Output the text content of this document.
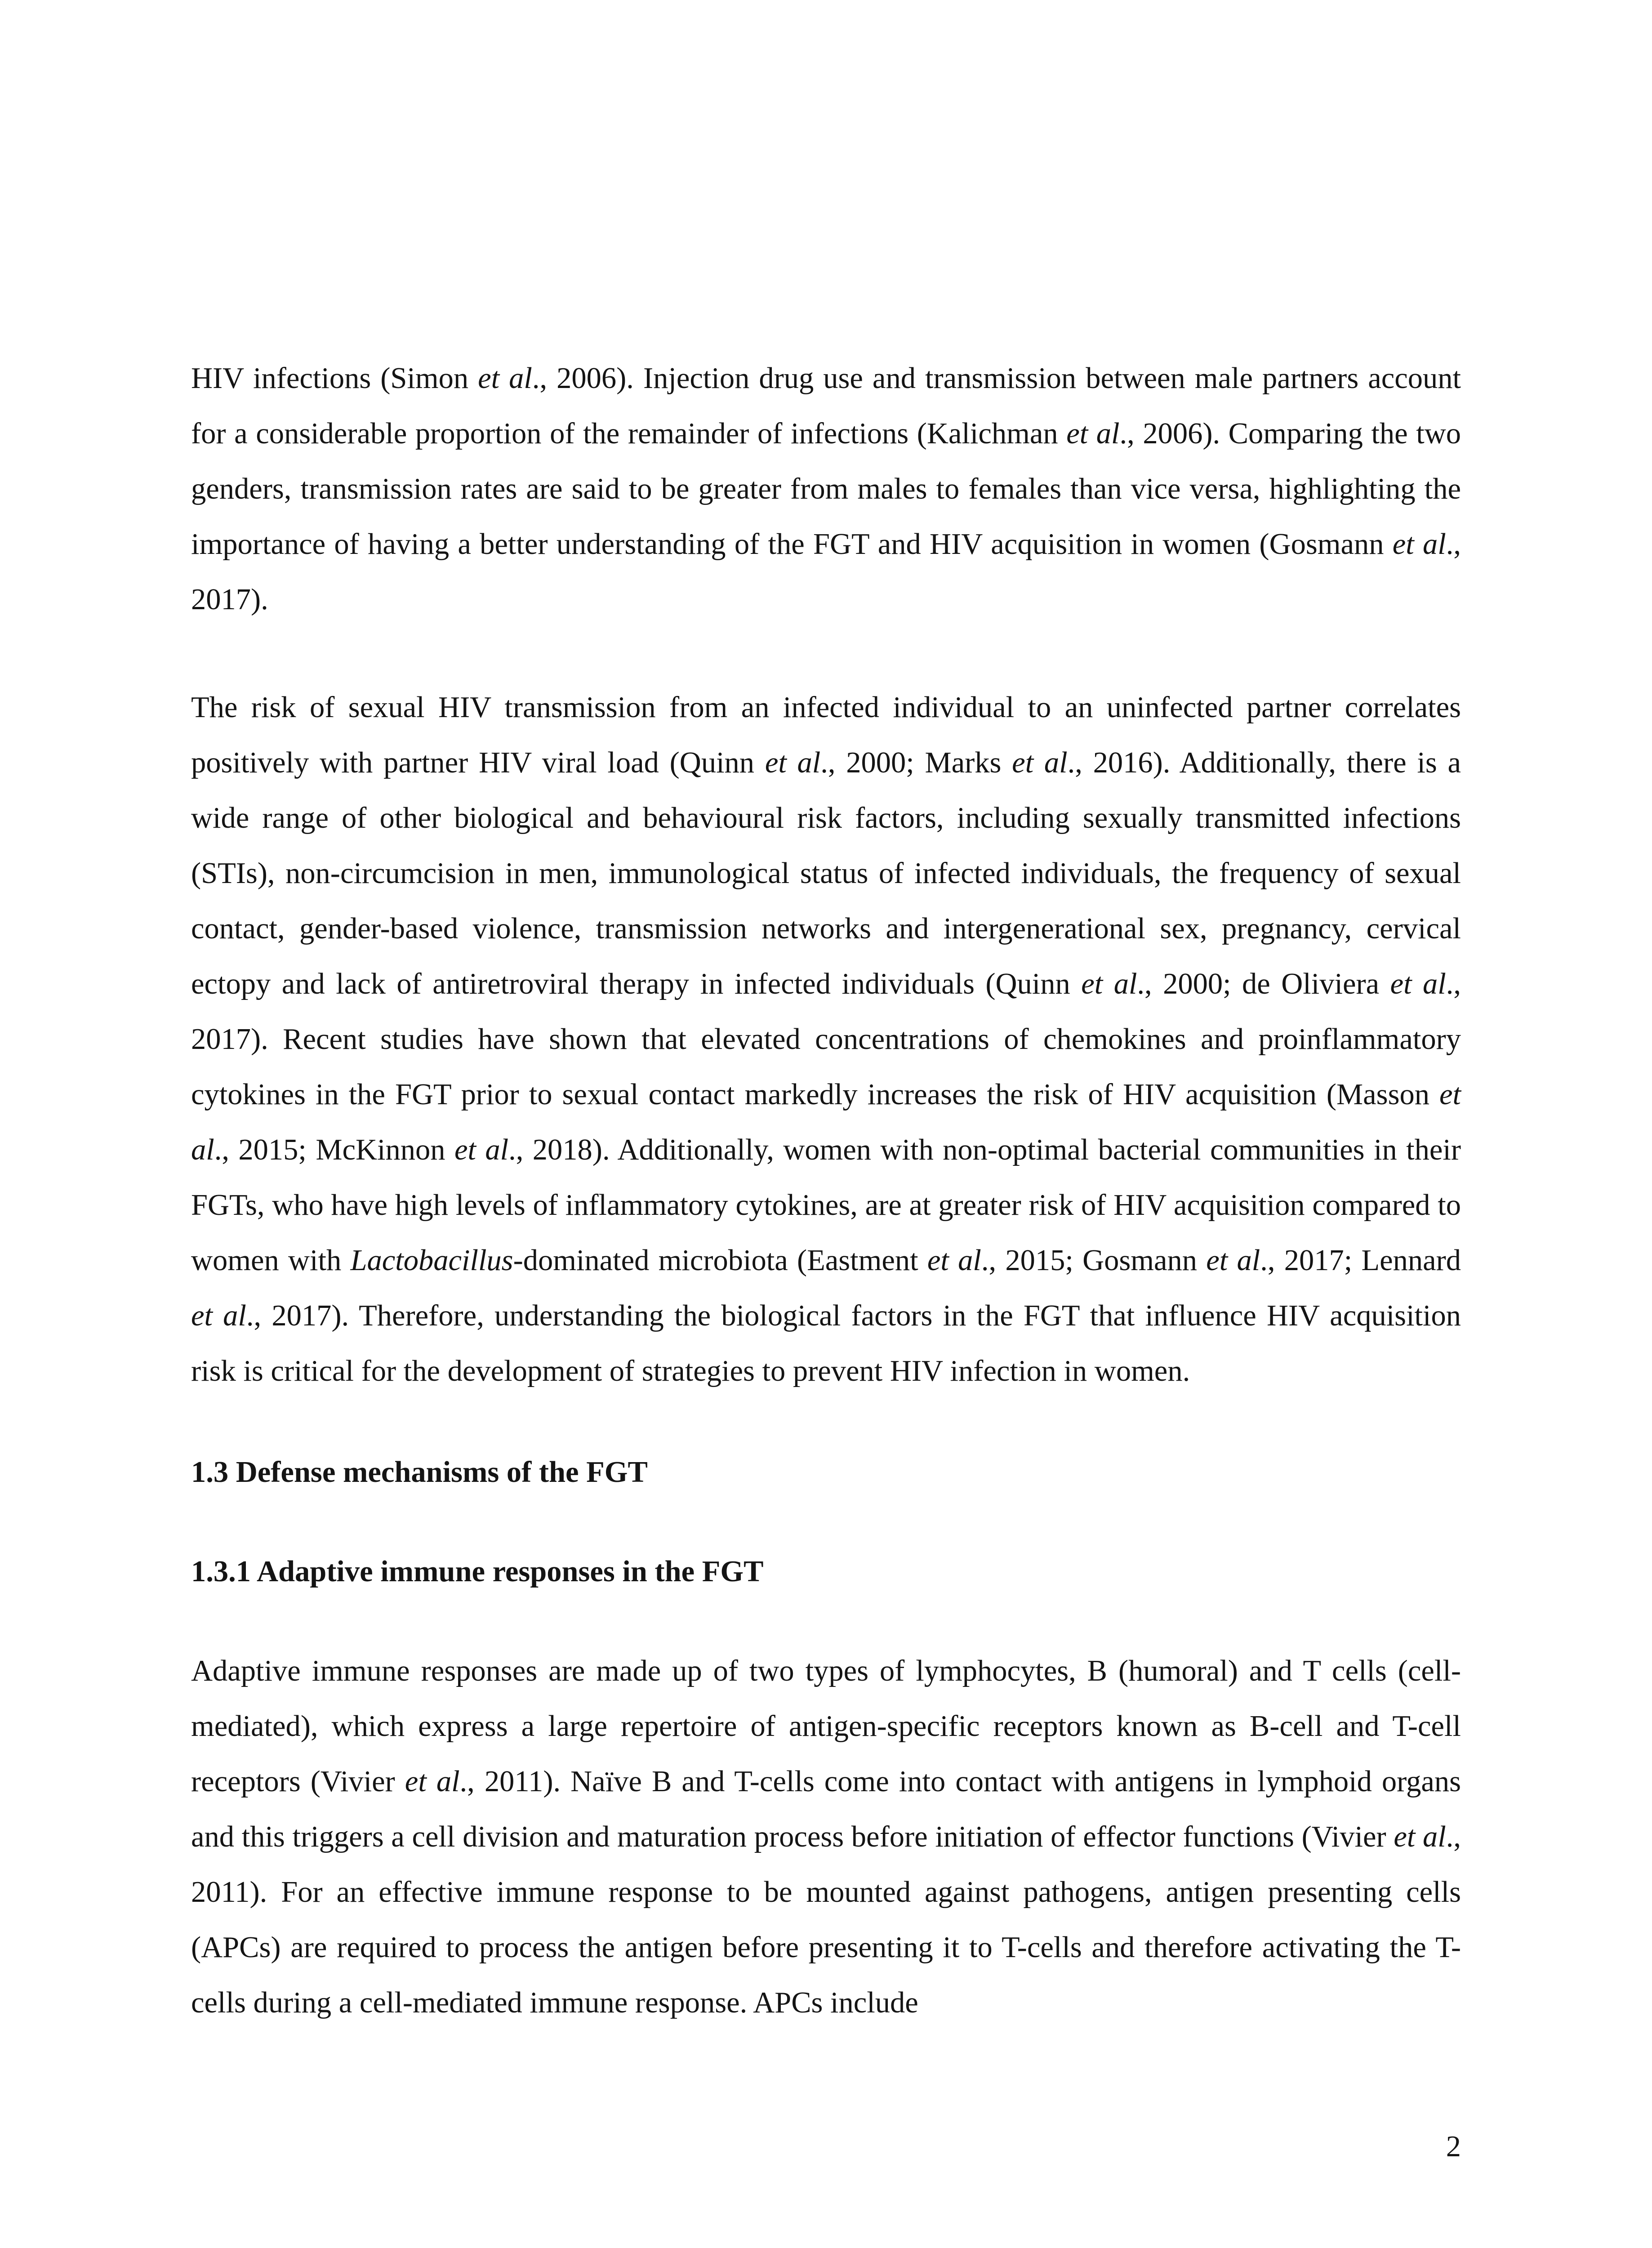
HIV infections (Simon et al., 2006). Injection drug use and transmission between male partners account for a considerable proportion of the remainder of infections (Kalichman et al., 2006). Comparing the two genders, transmission rates are said to be greater from males to females than vice versa, highlighting the importance of having a better understanding of the FGT and HIV acquisition in women (Gosmann et al., 2017).

The risk of sexual HIV transmission from an infected individual to an uninfected partner correlates positively with partner HIV viral load (Quinn et al., 2000; Marks et al., 2016). Additionally, there is a wide range of other biological and behavioural risk factors, including sexually transmitted infections (STIs), non-circumcision in men, immunological status of infected individuals, the frequency of sexual contact, gender-based violence, transmission networks and intergenerational sex, pregnancy, cervical ectopy and lack of antiretroviral therapy in infected individuals (Quinn et al., 2000; de Oliviera et al., 2017). Recent studies have shown that elevated concentrations of chemokines and proinflammatory cytokines in the FGT prior to sexual contact markedly increases the risk of HIV acquisition (Masson et al., 2015; McKinnon et al., 2018). Additionally, women with non-optimal bacterial communities in their FGTs, who have high levels of inflammatory cytokines, are at greater risk of HIV acquisition compared to women with Lactobacillus-dominated microbiota (Eastment et al., 2015; Gosmann et al., 2017; Lennard et al., 2017). Therefore, understanding the biological factors in the FGT that influence HIV acquisition risk is critical for the development of strategies to prevent HIV infection in women.

1.3 Defense mechanisms of the FGT
1.3.1 Adaptive immune responses in the FGT

Adaptive immune responses are made up of two types of lymphocytes, B (humoral) and T cells (cell-mediated), which express a large repertoire of antigen-specific receptors known as B-cell and T-cell receptors (Vivier et al., 2011). Naïve B and T-cells come into contact with antigens in lymphoid organs and this triggers a cell division and maturation process before initiation of effector functions (Vivier et al., 2011). For an effective immune response to be mounted against pathogens, antigen presenting cells (APCs) are required to process the antigen before presenting it to T-cells and therefore activating the T-cells during a cell-mediated immune response. APCs include

2
